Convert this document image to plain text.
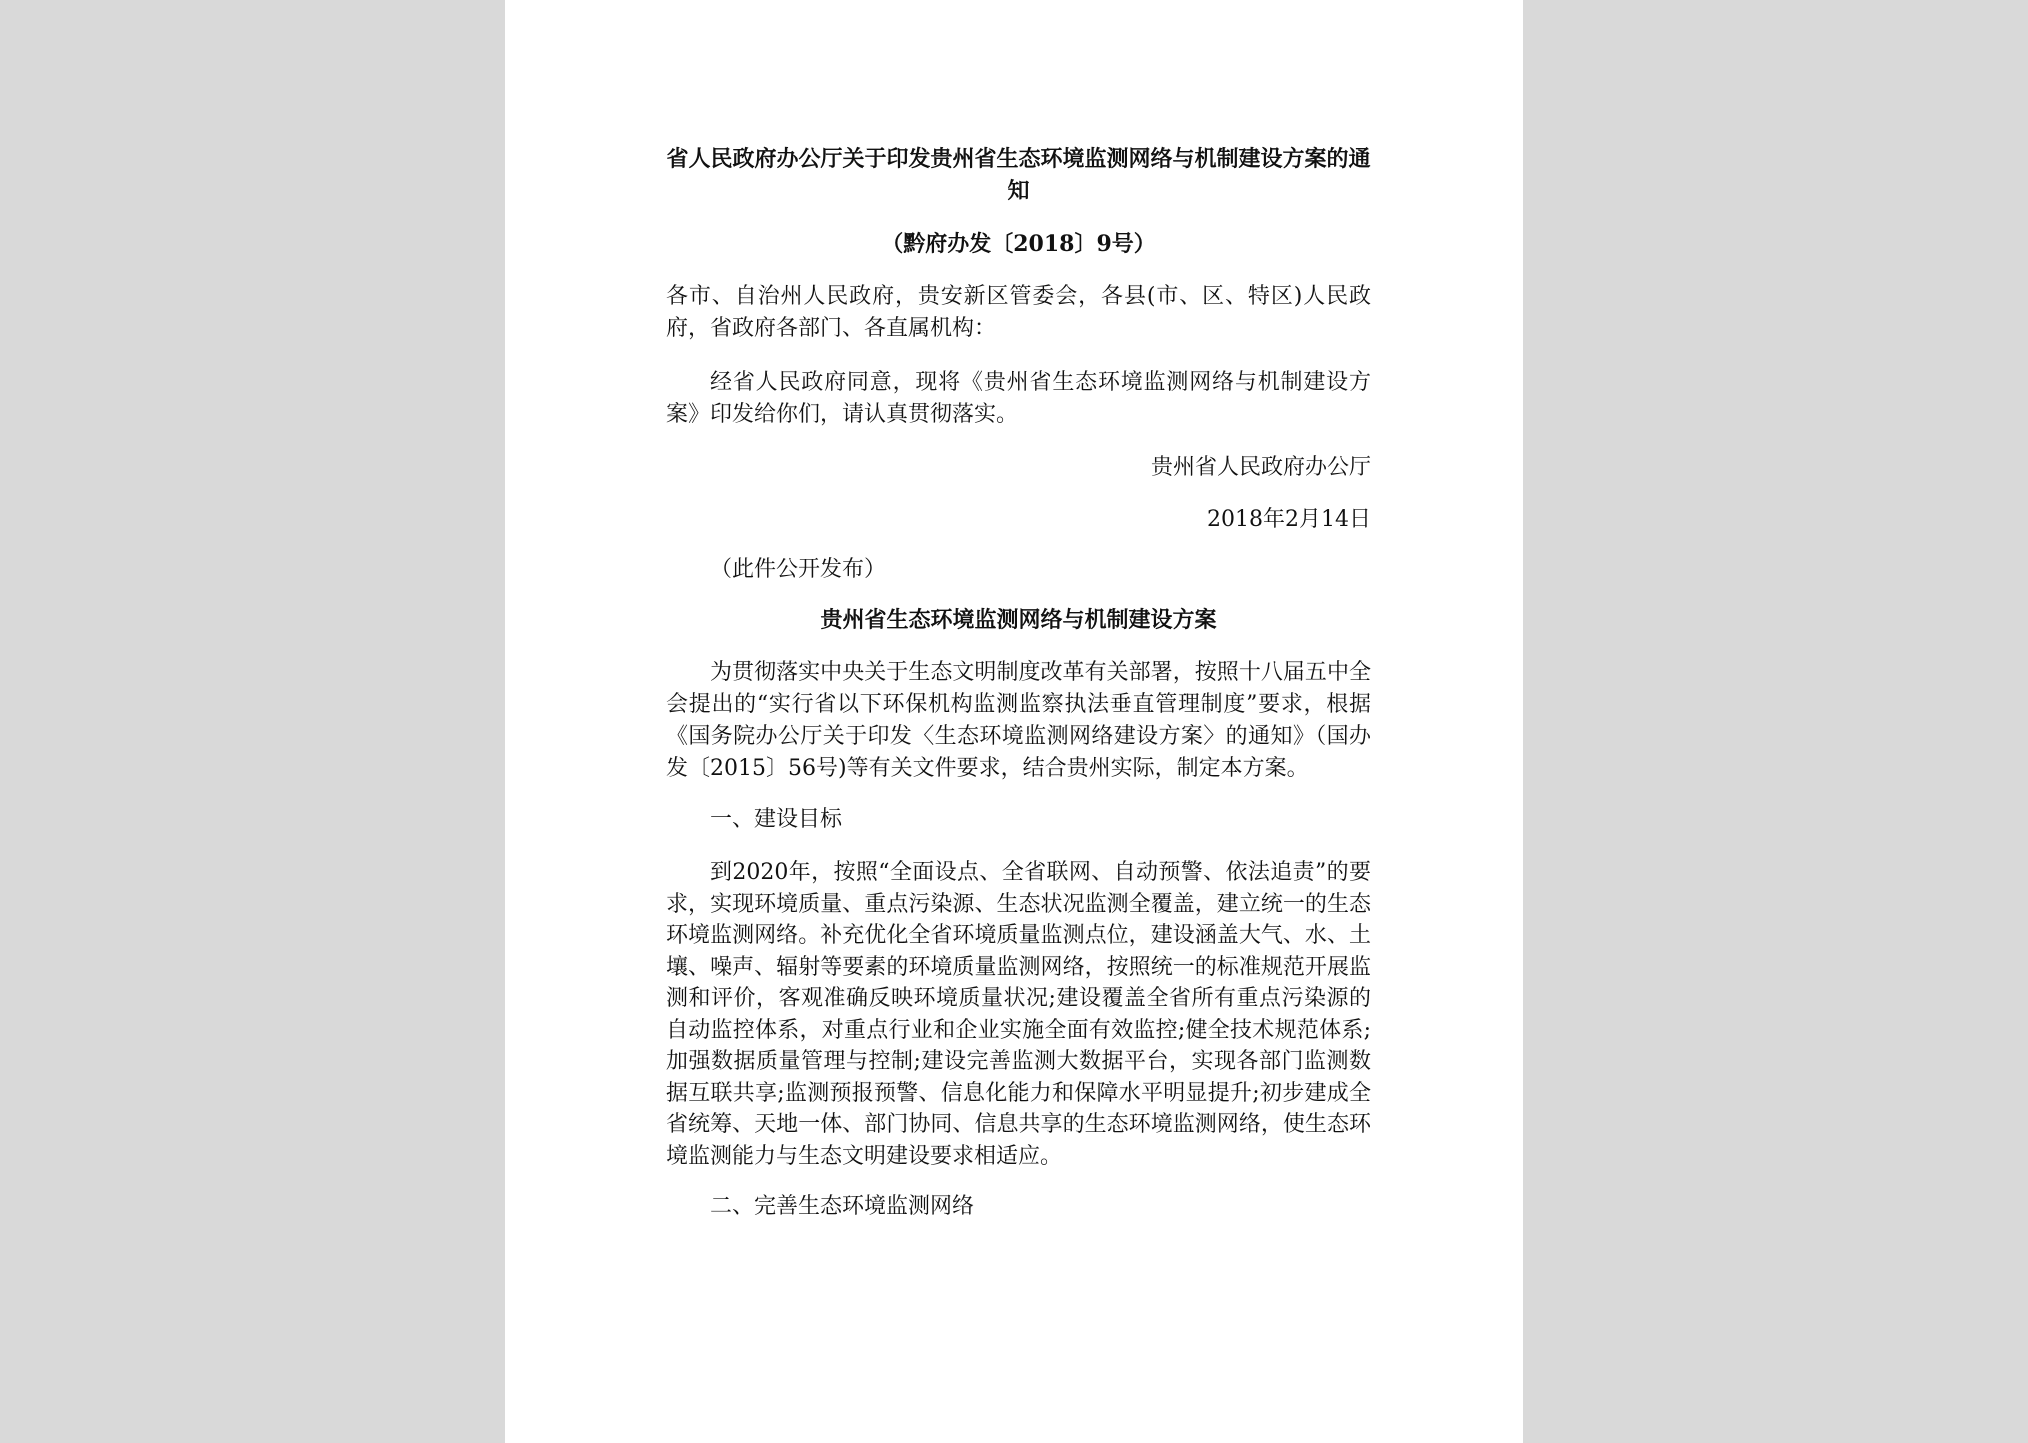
省人民政府办公厅关于印发贵州省生态环境监测网络与机制建设方案的通知
（黔府办发〔2018〕9号）
各市、自治州人民政府，贵安新区管委会，各县(市、区、特区)人民政府，省政府各部门、各直属机构：
经省人民政府同意，现将《贵州省生态环境监测网络与机制建设方案》印发给你们，请认真贯彻落实。
贵州省人民政府办公厅
2018年2月14日
（此件公开发布）
贵州省生态环境监测网络与机制建设方案
为贯彻落实中央关于生态文明制度改革有关部署，按照十八届五中全会提出的“实行省以下环保机构监测监察执法垂直管理制度”要求，根据《国务院办公厅关于印发〈生态环境监测网络建设方案〉的通知》（国办发〔2015〕56号)等有关文件要求，结合贵州实际，制定本方案。
一、建设目标
到2020年，按照“全面设点、全省联网、自动预警、依法追责”的要求，实现环境质量、重点污染源、生态状况监测全覆盖，建立统一的生态环境监测网络。补充优化全省环境质量监测点位，建设涵盖大气、水、土壤、噪声、辐射等要素的环境质量监测网络，按照统一的标准规范开展监测和评价，客观准确反映环境质量状况;建设覆盖全省所有重点污染源的自动监控体系，对重点行业和企业实施全面有效监控;健全技术规范体系;加强数据质量管理与控制;建设完善监测大数据平台，实现各部门监测数据互联共享;监测预报预警、信息化能力和保障水平明显提升;初步建成全省统筹、天地一体、部门协同、信息共享的生态环境监测网络，使生态环境监测能力与生态文明建设要求相适应。
二、完善生态环境监测网络
